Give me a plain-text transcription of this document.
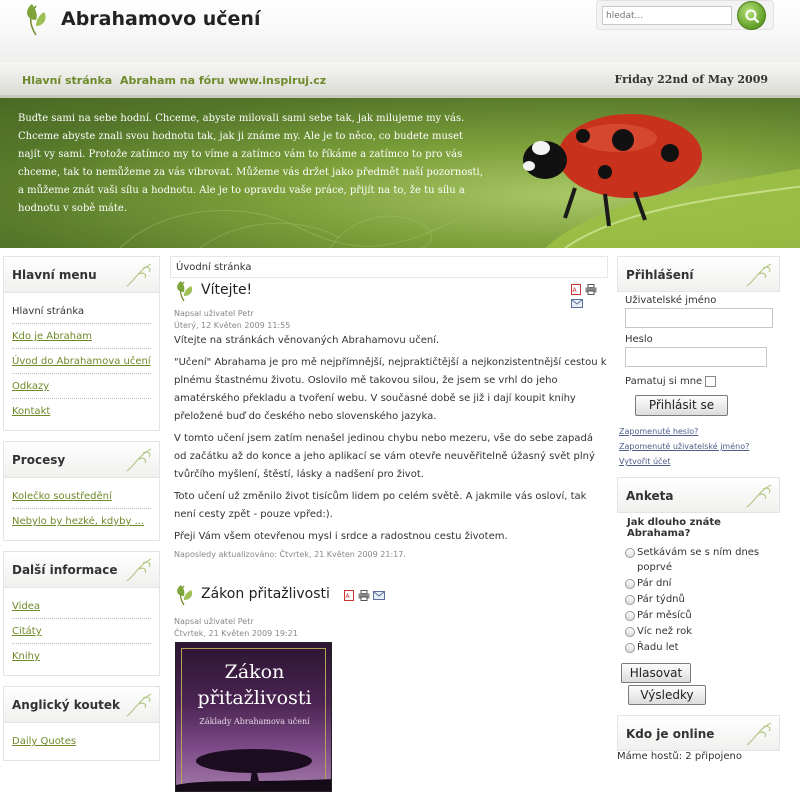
Abrahamovo učení
hledat...
Hlavní stránka Abraham na fóru www.inspiruj.cz	Friday 22nd of May 2009
Buďte sami na sebe hodní. Chceme, abyste milovali sami sebe tak, jak milujeme my vás. Chceme abyste znali svou hodnotu tak, jak ji známe my. Ale je to něco, co budete muset najít vy sami. Protože zatímco my to víme a zatímco vám to říkáme a zatímco to pro vás chceme, tak to nemůžeme za vás vibrovat. Můžeme vás držet jako předmět naší pozornosti, a můžeme znát vaši sílu a hodnotu. Ale je to opravdu vaše práce, přijít na to, že tu sílu a hodnotu v sobě máte.
Hlavní menu
Hlavní stránka
Kdo je Abraham
Úvod do Abrahamova učení
Odkazy
Kontakt
Procesy
Kolečko soustředění
Nebylo by hezké, kdyby ...
Další informace
Videa
Citáty
Knihy
Anglický koutek
Daily Quotes
Úvodní stránka
Vítejte!	A

Napsal uživatel Petr
Úterý, 12 Květen 2009 11:55

Vítejte na stránkách věnovaných Abrahamovu učení.

"Učení" Abrahama je pro mě nejpřímnější, nejpraktičtější a nejkonzistentnější cestou k plnému štastnému životu. Oslovilo mě takovou silou, že jsem se vrhl do jeho amatérského překladu a tvoření webu. V současné době se již i dají koupit knihy přeložené buď do českého nebo slovenského jazyka.

V tomto učení jsem zatím nenašel jedinou chybu nebo mezeru, vše do sebe zapadá od začátku až do konce a jeho aplikací se vám otevře neuvěřitelně úžasný svět plný tvůrčího myšlení, štěstí, lásky a nadšení pro život.

Toto učení už změnilo život tisícům lidem po celém světě. A jakmile vás osloví, tak není cesty zpět - pouze vpřed:).

Přeji Vám všem otevřenou mysl i srdce a radostnou cestu životem.

Naposledy aktualizováno: Čtvrtek, 21 Květen 2009 21:17.
Zákon přitažlivosti	A

Napsal uživatel Petr
Čtvrtek, 21 Květen 2009 19:21
Zákon
přitažlivosti
Základy Abrahamova učení
Přihlášení
Uživatelské jméno
Heslo
Pamatuj si mne
Přihlásit se
Zapomenuté heslo?
Zapomenuté uživatelské jméno?
Vytvořit účet
Anketa
Jak dlouho znáte Abrahama?
Setkávám se s ním dnes poprvé
Pár dní
Pár týdnů
Pár měsíců
Víc než rok
Řadu let
Hlasovat
Výsledky
Kdo je online
Máme hostů: 2 připojeno
